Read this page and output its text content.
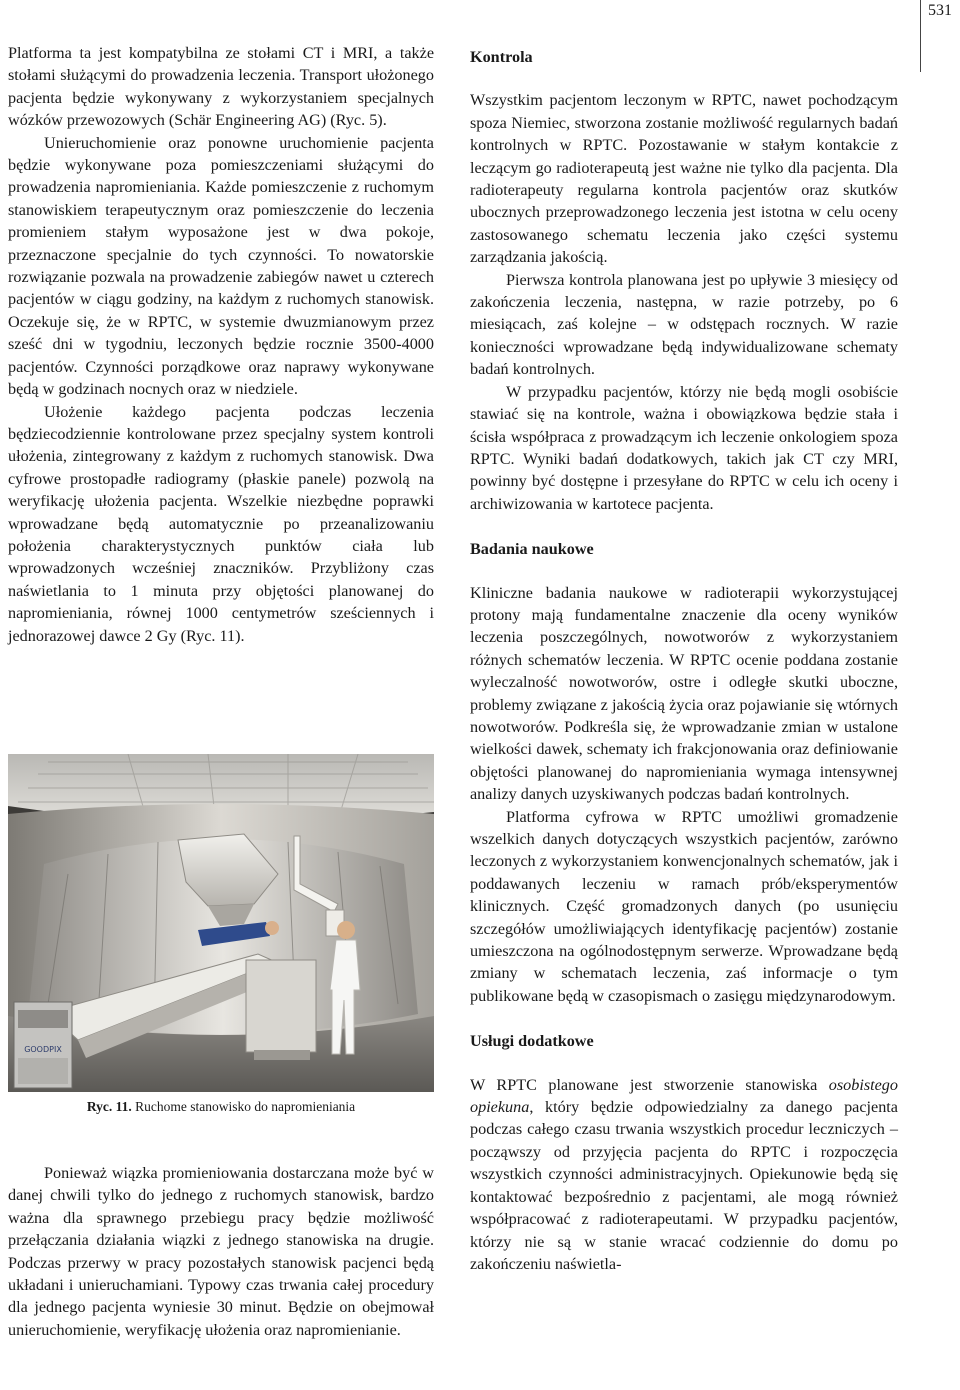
531

Platforma ta jest kompatybilna ze stołami CT i MRI, a także stołami służącymi do prowadzenia leczenia. Transport ułożonego pacjenta będzie wykonywany z wykorzystaniem specjalnych wózków przewozowych (Schär Engineering AG) (Ryc. 5).

Unieruchomienie oraz ponowne uruchomienie pacjenta będzie wykonywane poza pomieszczeniami służącymi do prowadzenia napromieniania. Każde pomieszczenie z ruchomym stanowiskiem terapeutycznym oraz pomieszczenie do leczenia promieniem stałym wyposażone jest w dwa pokoje, przeznaczone specjalnie do tych czynności. To nowatorskie rozwiązanie pozwala na prowadzenie zabiegów nawet u czterech pacjentów w ciągu godziny, na każdym z ruchomych stanowisk. Oczekuje się, że w RPTC, w systemie dwuzmianowym przez sześć dni w tygodniu, leczonych będzie rocznie 3500-4000 pacjentów. Czynności porządkowe oraz naprawy wykonywane będą w godzinach nocnych oraz w niedziele.

Ułożenie każdego pacjenta podczas leczenia będziecodziennie kontrolowane przez specjalny system kontroli ułożenia, zintegrowany z każdym z ruchomych stanowisk. Dwa cyfrowe prostopadłe radiogramy (płaskie panele) pozwolą na weryfikację ułożenia pacjenta. Wszelkie niezbędne poprawki wprowadzane będą automatycznie po przeanalizowaniu położenia charakterystycznych punktów ciała lub wprowadzonych wcześniej znaczników. Przybliżony czas naświetlania to 1 minuta przy objętości planowanej do napromieniania, równej 1000 centymetrów sześciennych i jednorazowej dawce 2 Gy (Ryc. 11).

GOODPIX
Ryc. 11. Ruchome stanowisko do napromieniania

Ponieważ wiązka promieniowania dostarczana może być w danej chwili tylko do jednego z ruchomych stanowisk, bardzo ważna dla sprawnego przebiegu pracy będzie możliwość przełączania działania wiązki z jednego stanowiska na drugie. Podczas przerwy w pracy pozostałych stanowisk pacjenci będą układani i unieruchamiani. Typowy czas trwania całej procedury dla jednego pacjenta wyniesie 30 minut. Będzie on obejmował unieruchomienie, weryfikację ułożenia oraz napromienianie.

Kontrola

Wszystkim pacjentom leczonym w RPTC, nawet pochodzącym spoza Niemiec, stworzona zostanie możliwość regularnych badań kontrolnych w RPTC. Pozostawanie w stałym kontakcie z leczącym go radioterapeutą jest ważne nie tylko dla pacjenta. Dla radioterapeuty regularna kontrola pacjentów oraz skutków ubocznych przeprowadzonego leczenia jest istotna w celu oceny zastosowanego schematu leczenia jako części systemu zarządzania jakością.

Pierwsza kontrola planowana jest po upływie 3 miesięcy od zakończenia leczenia, następna, w razie potrzeby, po 6 miesiącach, zaś kolejne – w odstępach rocznych. W razie konieczności wprowadzane będą indywidualizowane schematy badań kontrolnych.

W przypadku pacjentów, którzy nie będą mogli osobiście stawiać się na kontrole, ważna i obowiązkowa będzie stała i ścisła współpraca z prowadzącym ich leczenie onkologiem spoza RPTC. Wyniki badań dodatkowych, takich jak CT czy MRI, powinny być dostępne i przesyłane do RPTC w celu ich oceny i archiwizowania w kartotece pacjenta.

Badania naukowe

Kliniczne badania naukowe w radioterapii wykorzystującej protony mają fundamentalne znaczenie dla oceny wyników leczenia poszczególnych, nowotworów z wykorzystaniem różnych schematów leczenia. W RPTC ocenie poddana zostanie wyleczalność nowotworów, ostre i odległe skutki uboczne, problemy związane z jakością życia oraz pojawianie się wtórnych nowotworów. Podkreśla się, że wprowadzanie zmian w ustalone wielkości dawek, schematy ich frakcjonowania oraz definiowanie objętości planowanej do napromieniania wymaga intensywnej analizy danych uzyskiwanych podczas badań kontrolnych.

Platforma cyfrowa w RPTC umożliwi gromadzenie wszelkich danych dotyczących wszystkich pacjentów, zarówno leczonych z wykorzystaniem konwencjonalnych schematów, jak i poddawanych leczeniu w ramach prób/eksperymentów klinicznych. Część gromadzonych danych (po usunięciu szczegółów umożliwiających identyfikację pacjentów) zostanie umieszczona na ogólnodostępnym serwerze. Wprowadzane będą zmiany w schematach leczenia, zaś informacje o tym publikowane będą w czasopismach o zasięgu międzynarodowym.

Usługi dodatkowe

W RPTC planowane jest stworzenie stanowiska osobistego opiekuna, który będzie odpowiedzialny za danego pacjenta podczas całego czasu trwania wszystkich procedur leczniczych – począwszy od przyjęcia pacjenta do RPTC i rozpoczęcia wszystkich czynności administracyjnych. Opiekunowie będą się kontaktować bezpośrednio z pacjentami, ale mogą również współpracować z radioterapeutami. W przypadku pacjentów, którzy nie są w stanie wracać codziennie do domu po zakończeniu naświetla-
